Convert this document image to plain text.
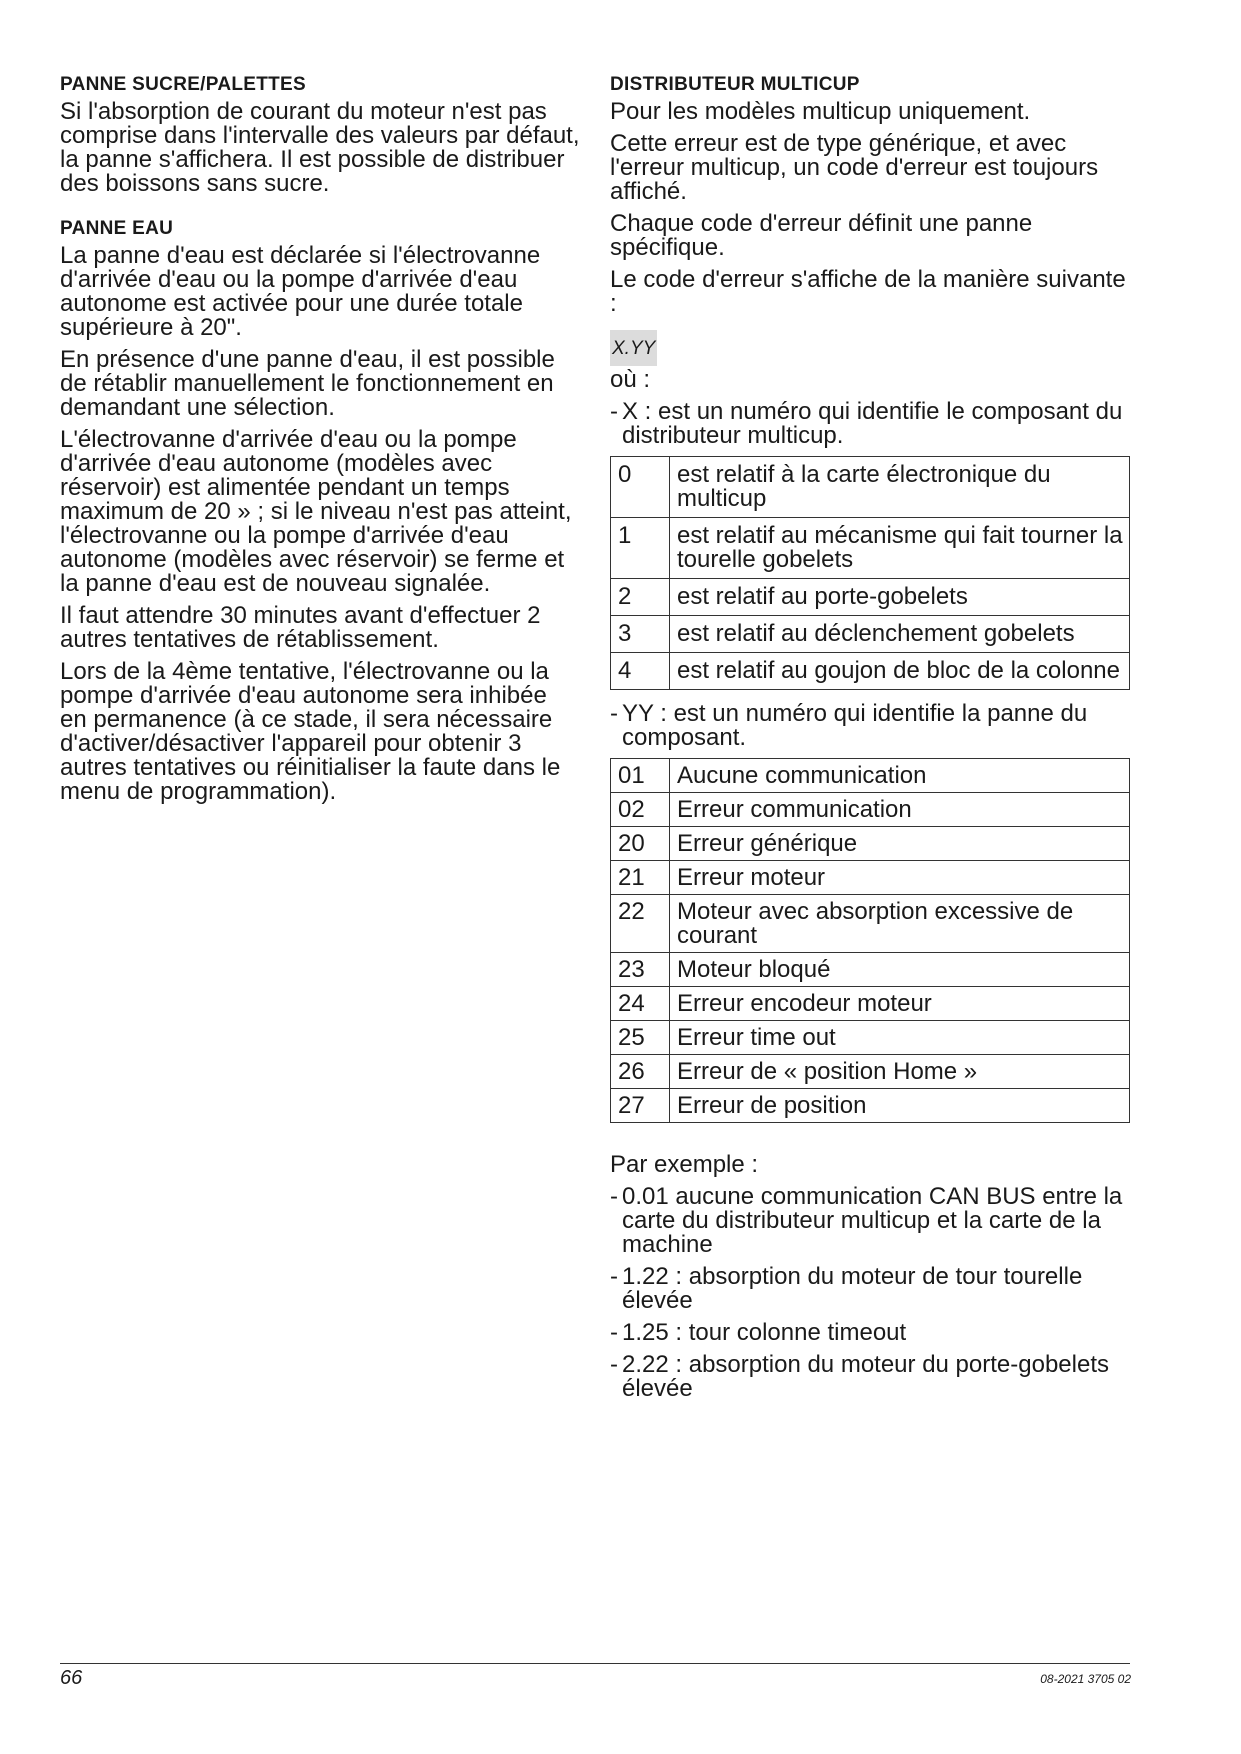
PANNE SUCRE/PALETTES

Si l'absorption de courant du moteur n'est pas comprise dans l'intervalle des valeurs par défaut, la panne s'affichera. Il est possible de distribuer des boissons sans sucre.

PANNE EAU

La panne d'eau est déclarée si l'électrovanne d'arrivée d'eau ou la pompe d'arrivée d'eau autonome est activée pour une durée totale supérieure à 20".

En présence d'une panne d'eau, il est possible de rétablir manuellement le fonctionnement en demandant une sélection.

L'électrovanne d'arrivée d'eau ou la pompe d'arrivée d'eau autonome (modèles avec réservoir) est alimentée pendant un temps maximum de 20 » ; si le niveau n'est pas atteint, l'électrovanne ou la pompe d'arrivée d'eau autonome (modèles avec réservoir) se ferme et la panne d'eau est de nouveau signalée.

Il faut attendre 30 minutes avant d'effectuer 2 autres tentatives de rétablissement.

Lors de la 4ème tentative, l'électrovanne ou la pompe d'arrivée d'eau autonome sera inhibée en permanence (à ce stade, il sera nécessaire d'activer/désactiver l'appareil pour obtenir 3 autres tentatives ou réinitialiser la faute dans le menu de programmation).

DISTRIBUTEUR MULTICUP

Pour les modèles multicup uniquement.

Cette erreur est de type générique, et avec l'erreur multicup, un code d'erreur est toujours affiché.

Chaque code d'erreur définit une panne spécifique.

Le code d'erreur s'affiche de la manière suivante :

X.YY

où :

- X : est un numéro qui identifie le composant du distributeur multicup.
0	est relatif à la carte électronique du multicup
1	est relatif au mécanisme qui fait tourner la tourelle gobelets
2	est relatif au porte-gobelets
3	est relatif au déclenchement gobelets
4	est relatif au goujon de bloc de la colonne
- YY : est un numéro qui identifie la panne du composant.
01	Aucune communication
02	Erreur communication
20	Erreur générique
21	Erreur moteur
22	Moteur avec absorption excessive de courant
23	Moteur bloqué
24	Erreur encodeur moteur
25	Erreur time out
26	Erreur de « position Home »
27	Erreur de position

Par exemple :

- 0.01 aucune communication CAN BUS entre la carte du distributeur multicup et la carte de la machine
- 1.22 : absorption du moteur de tour tourelle élevée
- 1.25 : tour colonne timeout
- 2.22 : absorption du moteur du porte-gobelets élevée
66	08-2021 3705 02
